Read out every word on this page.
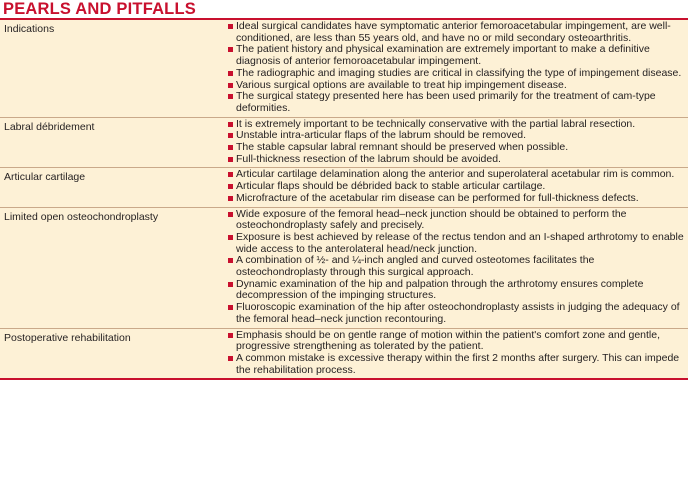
PEARLS AND PITFALLS
Indications	Ideal surgical candidates have symptomatic anterior femoroacetabular impingement, are well-conditioned, are less than 55 years old, and have no or mild secondary osteoarthritis.
The patient history and physical examination are extremely important to make a definitive diagnosis of anterior femoroacetabular impingement.
The radiographic and imaging studies are critical in classifying the type of impingement disease.
Various surgical options are available to treat hip impingement disease.
The surgical stategy presented here has been used primarily for the treatment of cam-type deformities.
Labral débridement	It is extremely important to be technically conservative with the partial labral resection.
Unstable intra-articular flaps of the labrum should be removed.
The stable capsular labral remnant should be preserved when possible.
Full-thickness resection of the labrum should be avoided.
Articular cartilage	Articular cartilage delamination along the anterior and superolateral acetabular rim is common.
Articular flaps should be débrided back to stable articular cartilage.
Microfracture of the acetabular rim disease can be performed for full-thickness defects.
Limited open osteochondroplasty	Wide exposure of the femoral head–neck junction should be obtained to perform the osteochondroplasty safely and precisely.
Exposure is best achieved by release of the rectus tendon and an I-shaped arthrotomy to enable wide access to the anterolateral head/neck junction.
A combination of ½- and ¼-inch angled and curved osteotomes facilitates the osteochondroplasty through this surgical approach.
Dynamic examination of the hip and palpation through the arthrotomy ensures complete decompression of the impinging structures.
Fluoroscopic examination of the hip after osteochondroplasty assists in judging the adequacy of the femoral head–neck junction recontouring.
Postoperative rehabilitation	Emphasis should be on gentle range of motion within the patient's comfort zone and gentle, progressive strengthening as tolerated by the patient.
A common mistake is excessive therapy within the first 2 months after surgery. This can impede the rehabilitation process.
